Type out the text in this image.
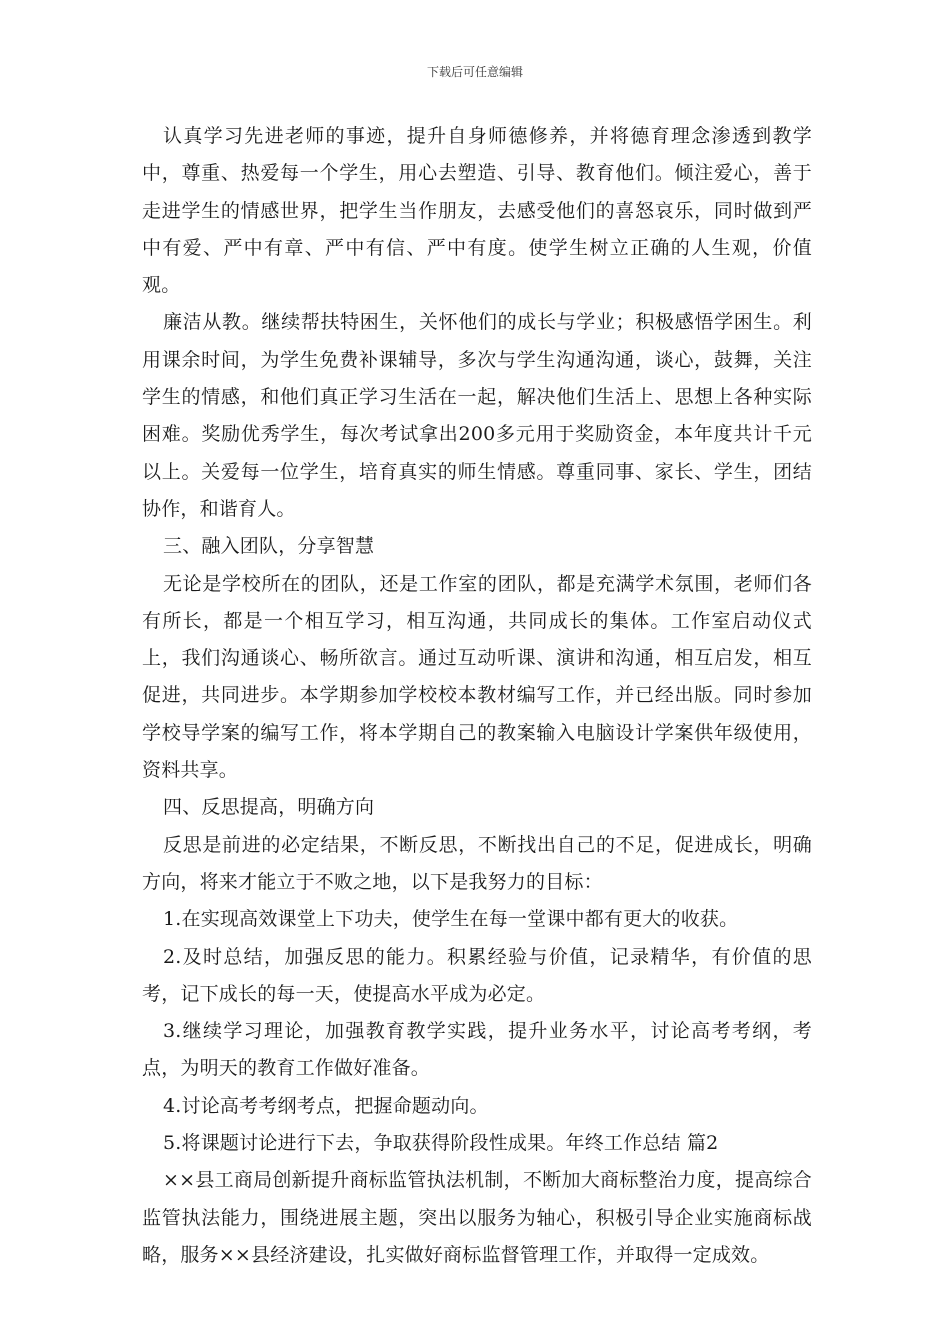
下载后可任意编辑

认真学习先进老师的事迹，提升自身师德修养，并将德育理念渗透到教学中，尊重、热爱每一个学生，用心去塑造、引导、教育他们。倾注爱心，善于走进学生的情感世界，把学生当作朋友，去感受他们的喜怒哀乐，同时做到严中有爱、严中有章、严中有信、严中有度。使学生树立正确的人生观，价值观。

廉洁从教。继续帮扶特困生，关怀他们的成长与学业；积极感悟学困生。利用课余时间，为学生免费补课辅导，多次与学生沟通沟通，谈心，鼓舞，关注学生的情感，和他们真正学习生活在一起，解决他们生活上、思想上各种实际困难。奖励优秀学生，每次考试拿出200多元用于奖励资金，本年度共计千元以上。关爱每一位学生，培育真实的师生情感。尊重同事、家长、学生，团结协作，和谐育人。

三、融入团队，分享智慧

无论是学校所在的团队，还是工作室的团队，都是充满学术氛围，老师们各有所长，都是一个相互学习，相互沟通，共同成长的集体。工作室启动仪式上，我们沟通谈心、畅所欲言。通过互动听课、演讲和沟通，相互启发，相互促进，共同进步。本学期参加学校校本教材编写工作，并已经出版。同时参加学校导学案的编写工作，将本学期自己的教案输入电脑设计学案供年级使用，资料共享。

四、反思提高，明确方向

反思是前进的必定结果，不断反思，不断找出自己的不足，促进成长，明确方向，将来才能立于不败之地，以下是我努力的目标：

1.在实现高效课堂上下功夫，使学生在每一堂课中都有更大的收获。

2.及时总结，加强反思的能力。积累经验与价值，记录精华，有价值的思考，记下成长的每一天，使提高水平成为必定。

3.继续学习理论，加强教育教学实践，提升业务水平，讨论高考考纲，考点，为明天的教育工作做好准备。

4.讨论高考考纲考点，把握命题动向。

5.将课题讨论进行下去，争取获得阶段性成果。年终工作总结 篇2

××县工商局创新提升商标监管执法机制，不断加大商标整治力度，提高综合监管执法能力，围绕进展主题，突出以服务为轴心，积极引导企业实施商标战略，服务××县经济建设，扎实做好商标监督管理工作，并取得一定成效。
